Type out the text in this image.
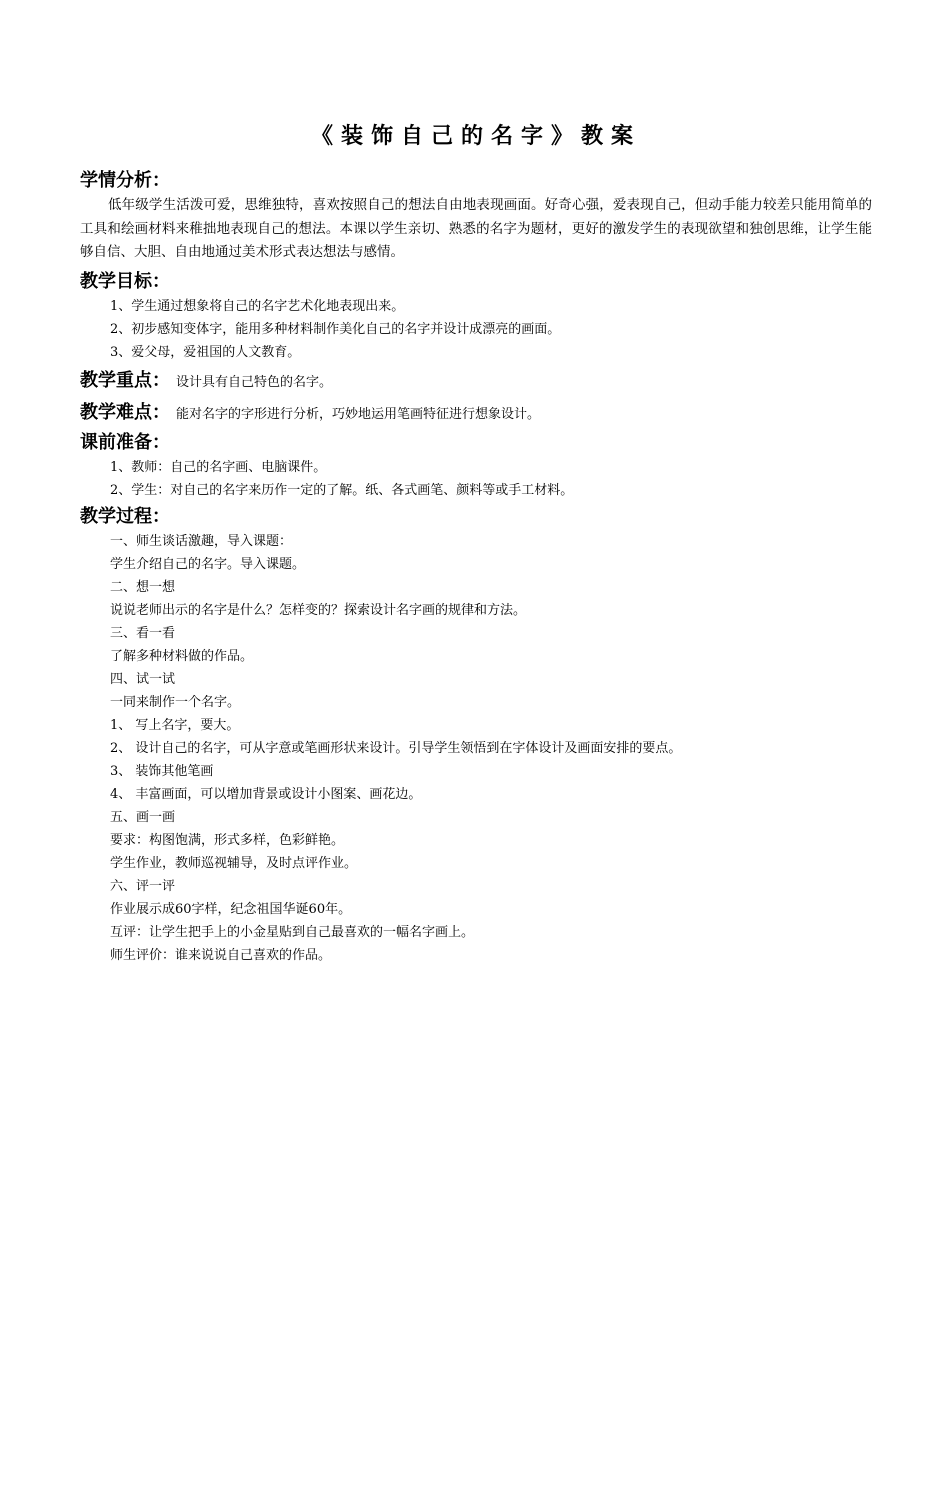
《装饰自己的名字》教案
学情分析：
低年级学生活泼可爱，思维独特，喜欢按照自己的想法自由地表现画面。好奇心强，爱表现自己，但动手能力较差只能用简单的工具和绘画材料来稚拙地表现自己的想法。本课以学生亲切、熟悉的名字为题材，更好的激发学生的表现欲望和独创思维，让学生能够自信、大胆、自由地通过美术形式表达想法与感情。
教学目标：
1、学生通过想象将自己的名字艺术化地表现出来。
2、初步感知变体字，能用多种材料制作美化自己的名字并设计成漂亮的画面。
3、爱父母，爱祖国的人文教育。
教学重点： 设计具有自己特色的名字。
教学难点： 能对名字的字形进行分析，巧妙地运用笔画特征进行想象设计。
课前准备：
1、教师：自己的名字画、电脑课件。
2、学生：对自己的名字来历作一定的了解。纸、各式画笔、颜料等或手工材料。
教学过程：
一、师生谈话激趣，导入课题：
学生介绍自己的名字。导入课题。
二、想一想
说说老师出示的名字是什么？怎样变的？探索设计名字画的规律和方法。
三、看一看
了解多种材料做的作品。
四、试一试
一同来制作一个名字。
1、 写上名字，要大。
2、 设计自己的名字，可从字意或笔画形状来设计。引导学生领悟到在字体设计及画面安排的要点。
3、 装饰其他笔画
4、 丰富画面，可以增加背景或设计小图案、画花边。
五、画一画
要求：构图饱满，形式多样，色彩鲜艳。
学生作业，教师巡视辅导，及时点评作业。
六、评一评
作业展示成60字样，纪念祖国华诞60年。
互评：让学生把手上的小金星贴到自己最喜欢的一幅名字画上。
师生评价：谁来说说自己喜欢的作品。
